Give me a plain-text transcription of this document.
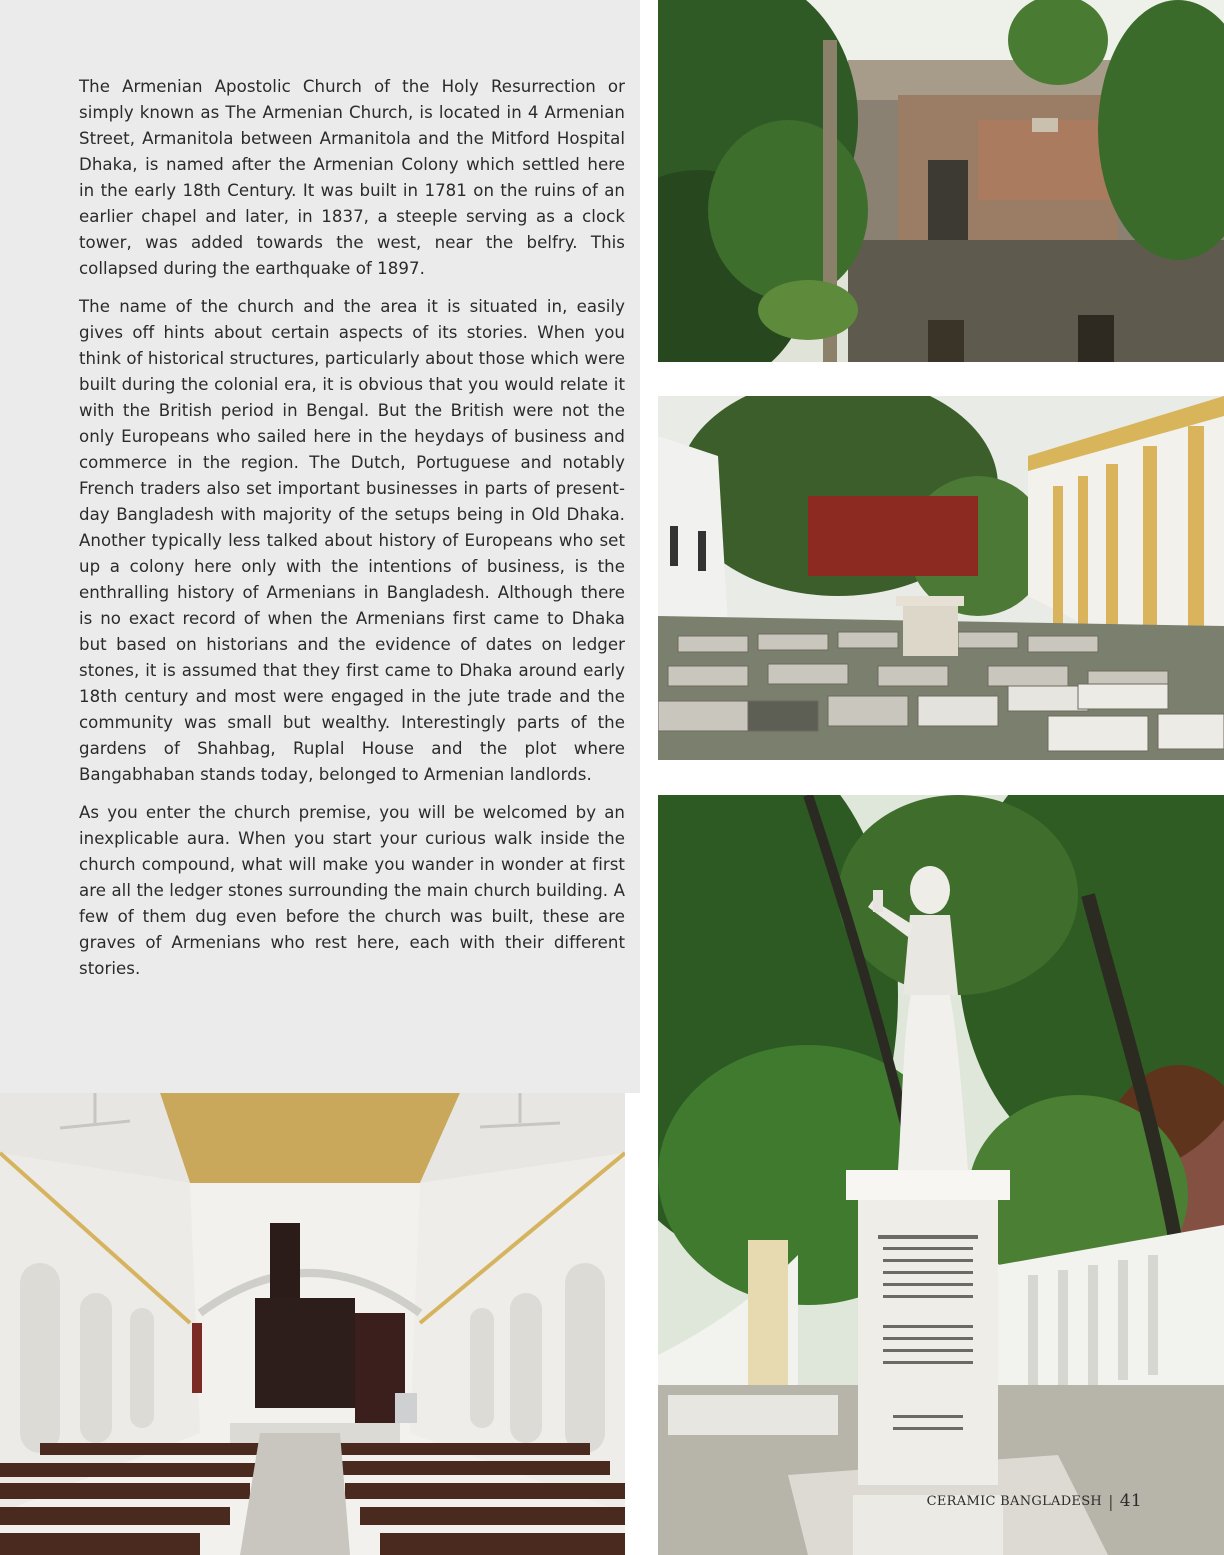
The Armenian Apostolic Church of the Holy Resurrection or simply known as The Armenian Church, is located in 4 Armenian Street, Armanitola between Armanitola and the Mitford Hospital Dhaka, is named after the Armenian Colony which settled here in the early 18th Century. It was built in 1781 on the ruins of an earlier chapel and later, in 1837, a steeple serving as a clock tower, was added towards the west, near the belfry. This collapsed during the earthquake of 1897.

The name of the church and the area it is situated in, easily gives off hints about certain aspects of its stories. When you think of historical structures, particularly about those which were built during the colonial era, it is obvious that you would relate it with the British period in Bengal. But the British were not the only Europeans who sailed here in the heydays of business and commerce in the region. The Dutch, Portuguese and notably French traders also set important businesses in parts of present-day Bangladesh with majority of the setups being in Old Dhaka. Another typically less talked about history of Europeans who set up a colony here only with the intentions of business, is the enthralling history of Armenians in Bangladesh. Although there is no exact record of when the Armenians first came to Dhaka but based on historians and the evidence of dates on ledger stones, it is assumed that they first came to Dhaka around early 18th century and most were engaged in the jute trade and the community was small but wealthy. Interestingly parts of the gardens of Shahbag, Ruplal House and the plot where Bangabhaban stands today, belonged to Armenian landlords.

As you enter the church premise, you will be welcomed by an inexplicable aura. When you start your curious walk inside the church compound, what will make you wander in wonder at first are all the ledger stones surrounding the main church building. A few of them dug even before the church was built, these are graves of Armenians who rest here, each with their different stories.

CERAMIC BANGLADESH | 41
